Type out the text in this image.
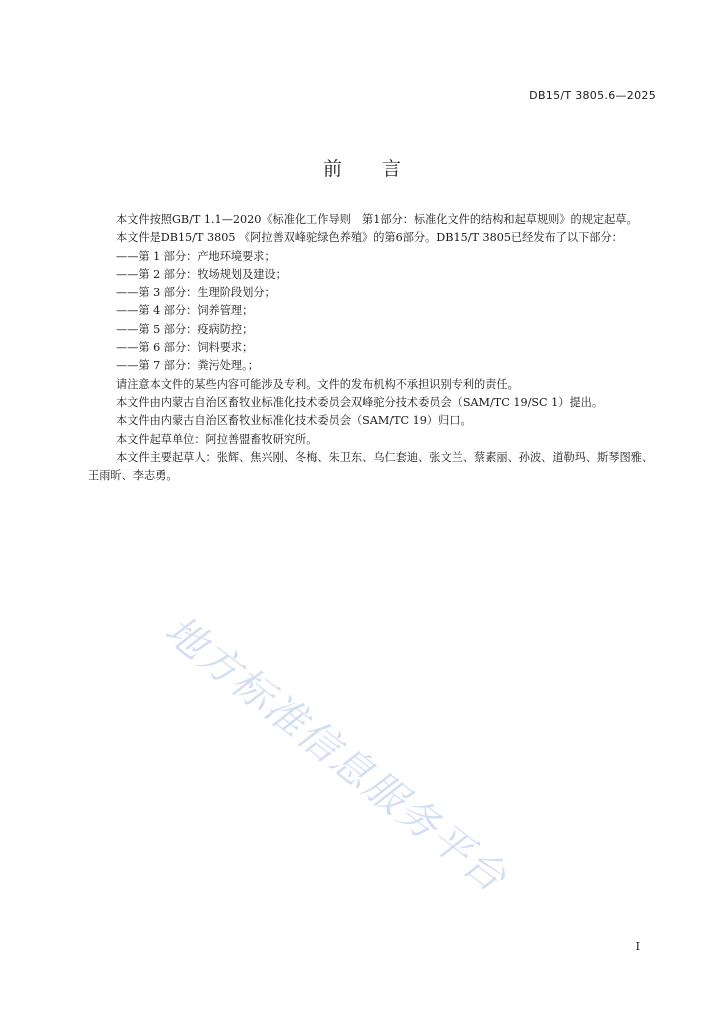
DB15/T 3805.6—2025
前 言

本文件按照GB/T 1.1—2020《标准化工作导则　第1部分：标准化文件的结构和起草规则》的规定起草。

本文件是DB15/T 3805 《阿拉善双峰驼绿色养殖》的第6部分。DB15/T 3805已经发布了以下部分：

——第 1 部分：产地环境要求；

——第 2 部分：牧场规划及建设；

——第 3 部分：生理阶段划分；

——第 4 部分：饲养管理；

——第 5 部分：疫病防控；

——第 6 部分：饲料要求；

——第 7 部分：粪污处理。；

请注意本文件的某些内容可能涉及专利。文件的发布机构不承担识别专利的责任。

本文件由内蒙古自治区畜牧业标准化技术委员会双峰驼分技术委员会（SAM/TC 19/SC 1）提出。

本文件由内蒙古自治区畜牧业标准化技术委员会（SAM/TC 19）归口。

本文件起草单位：阿拉善盟畜牧研究所。

本文件主要起草人：张辉、焦兴刚、冬梅、朱卫东、乌仁套迪、张文兰、蔡素丽、孙波、道勒玛、斯琴图雅、王雨昕、李志勇。

地方标准信息服务平台
I
